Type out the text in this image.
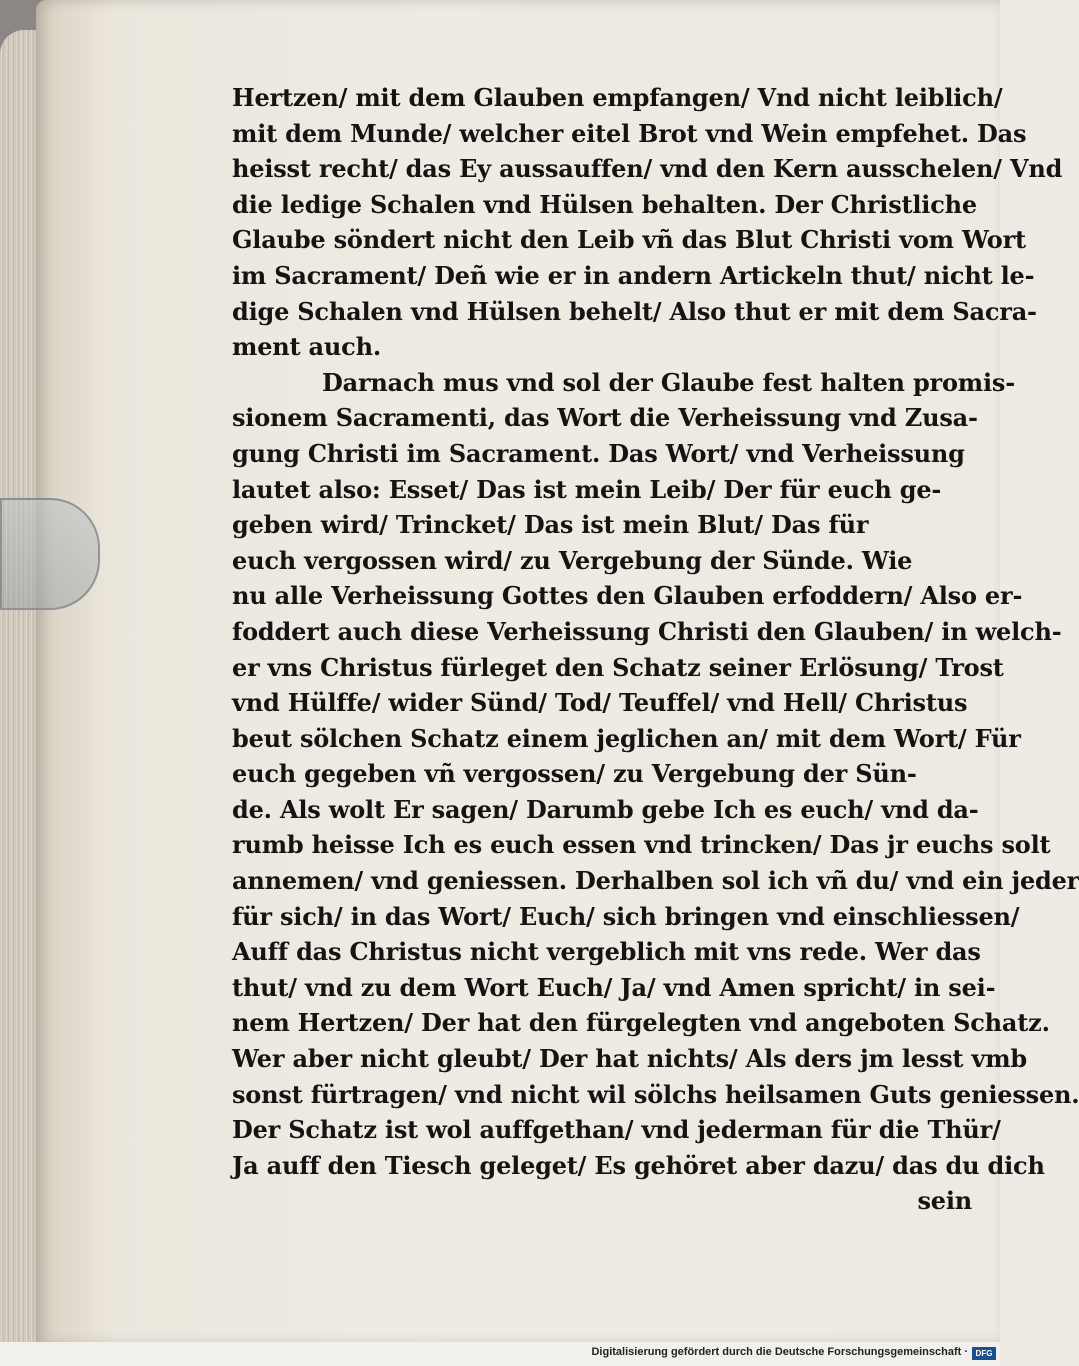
Hertzen/ mit dem Glauben empfangen/ Vnd nicht leiblich/

mit dem Munde/ welcher eitel Brot vnd Wein empfehet. Das

heisst recht/ das Ey aussauffen/ vnd den Kern ausschelen/ Vnd

die ledige Schalen vnd Hülsen behalten. Der Christliche

Glaube söndert nicht den Leib vñ das Blut Christi vom Wort

im Sacrament/ Deñ wie er in andern Artickeln thut/ nicht le-

dige Schalen vnd Hülsen behelt/ Also thut er mit dem Sacra-

ment auch.

Darnach mus vnd sol der Glaube fest halten promis-

sionem Sacramenti, das Wort die Verheissung vnd Zusa-

gung Christi im Sacrament. Das Wort/ vnd Verheissung

lautet also: Esset/ Das ist mein Leib/ Der für euch ge-

geben wird/ Trincket/ Das ist mein Blut/ Das für

euch vergossen wird/ zu Vergebung der Sünde. Wie

nu alle Verheissung Gottes den Glauben erfoddern/ Also er-

foddert auch diese Verheissung Christi den Glauben/ in welch-

er vns Christus fürleget den Schatz seiner Erlösung/ Trost

vnd Hülffe/ wider Sünd/ Tod/ Teuffel/ vnd Hell/ Christus

beut sölchen Schatz einem jeglichen an/ mit dem Wort/ Für

euch gegeben vñ vergossen/ zu Vergebung der Sün-

de. Als wolt Er sagen/ Darumb gebe Ich es euch/ vnd da-

rumb heisse Ich es euch essen vnd trincken/ Das jr euchs solt

annemen/ vnd geniessen. Derhalben sol ich vñ du/ vnd ein jeder

für sich/ in das Wort/ Euch/ sich bringen vnd einschliessen/

Auff das Christus nicht vergeblich mit vns rede. Wer das

thut/ vnd zu dem Wort Euch/ Ja/ vnd Amen spricht/ in sei-

nem Hertzen/ Der hat den fürgelegten vnd angeboten Schatz.

Wer aber nicht gleubt/ Der hat nichts/ Als ders jm lesst vmb

sonst fürtragen/ vnd nicht wil sölchs heilsamen Guts geniessen.

Der Schatz ist wol auffgethan/ vnd jederman für die Thür/

Ja auff den Tiesch geleget/ Es gehöret aber dazu/ das du dich

sein

Digitalisierung gefördert durch die Deutsche Forschungsgemeinschaft · DFG
